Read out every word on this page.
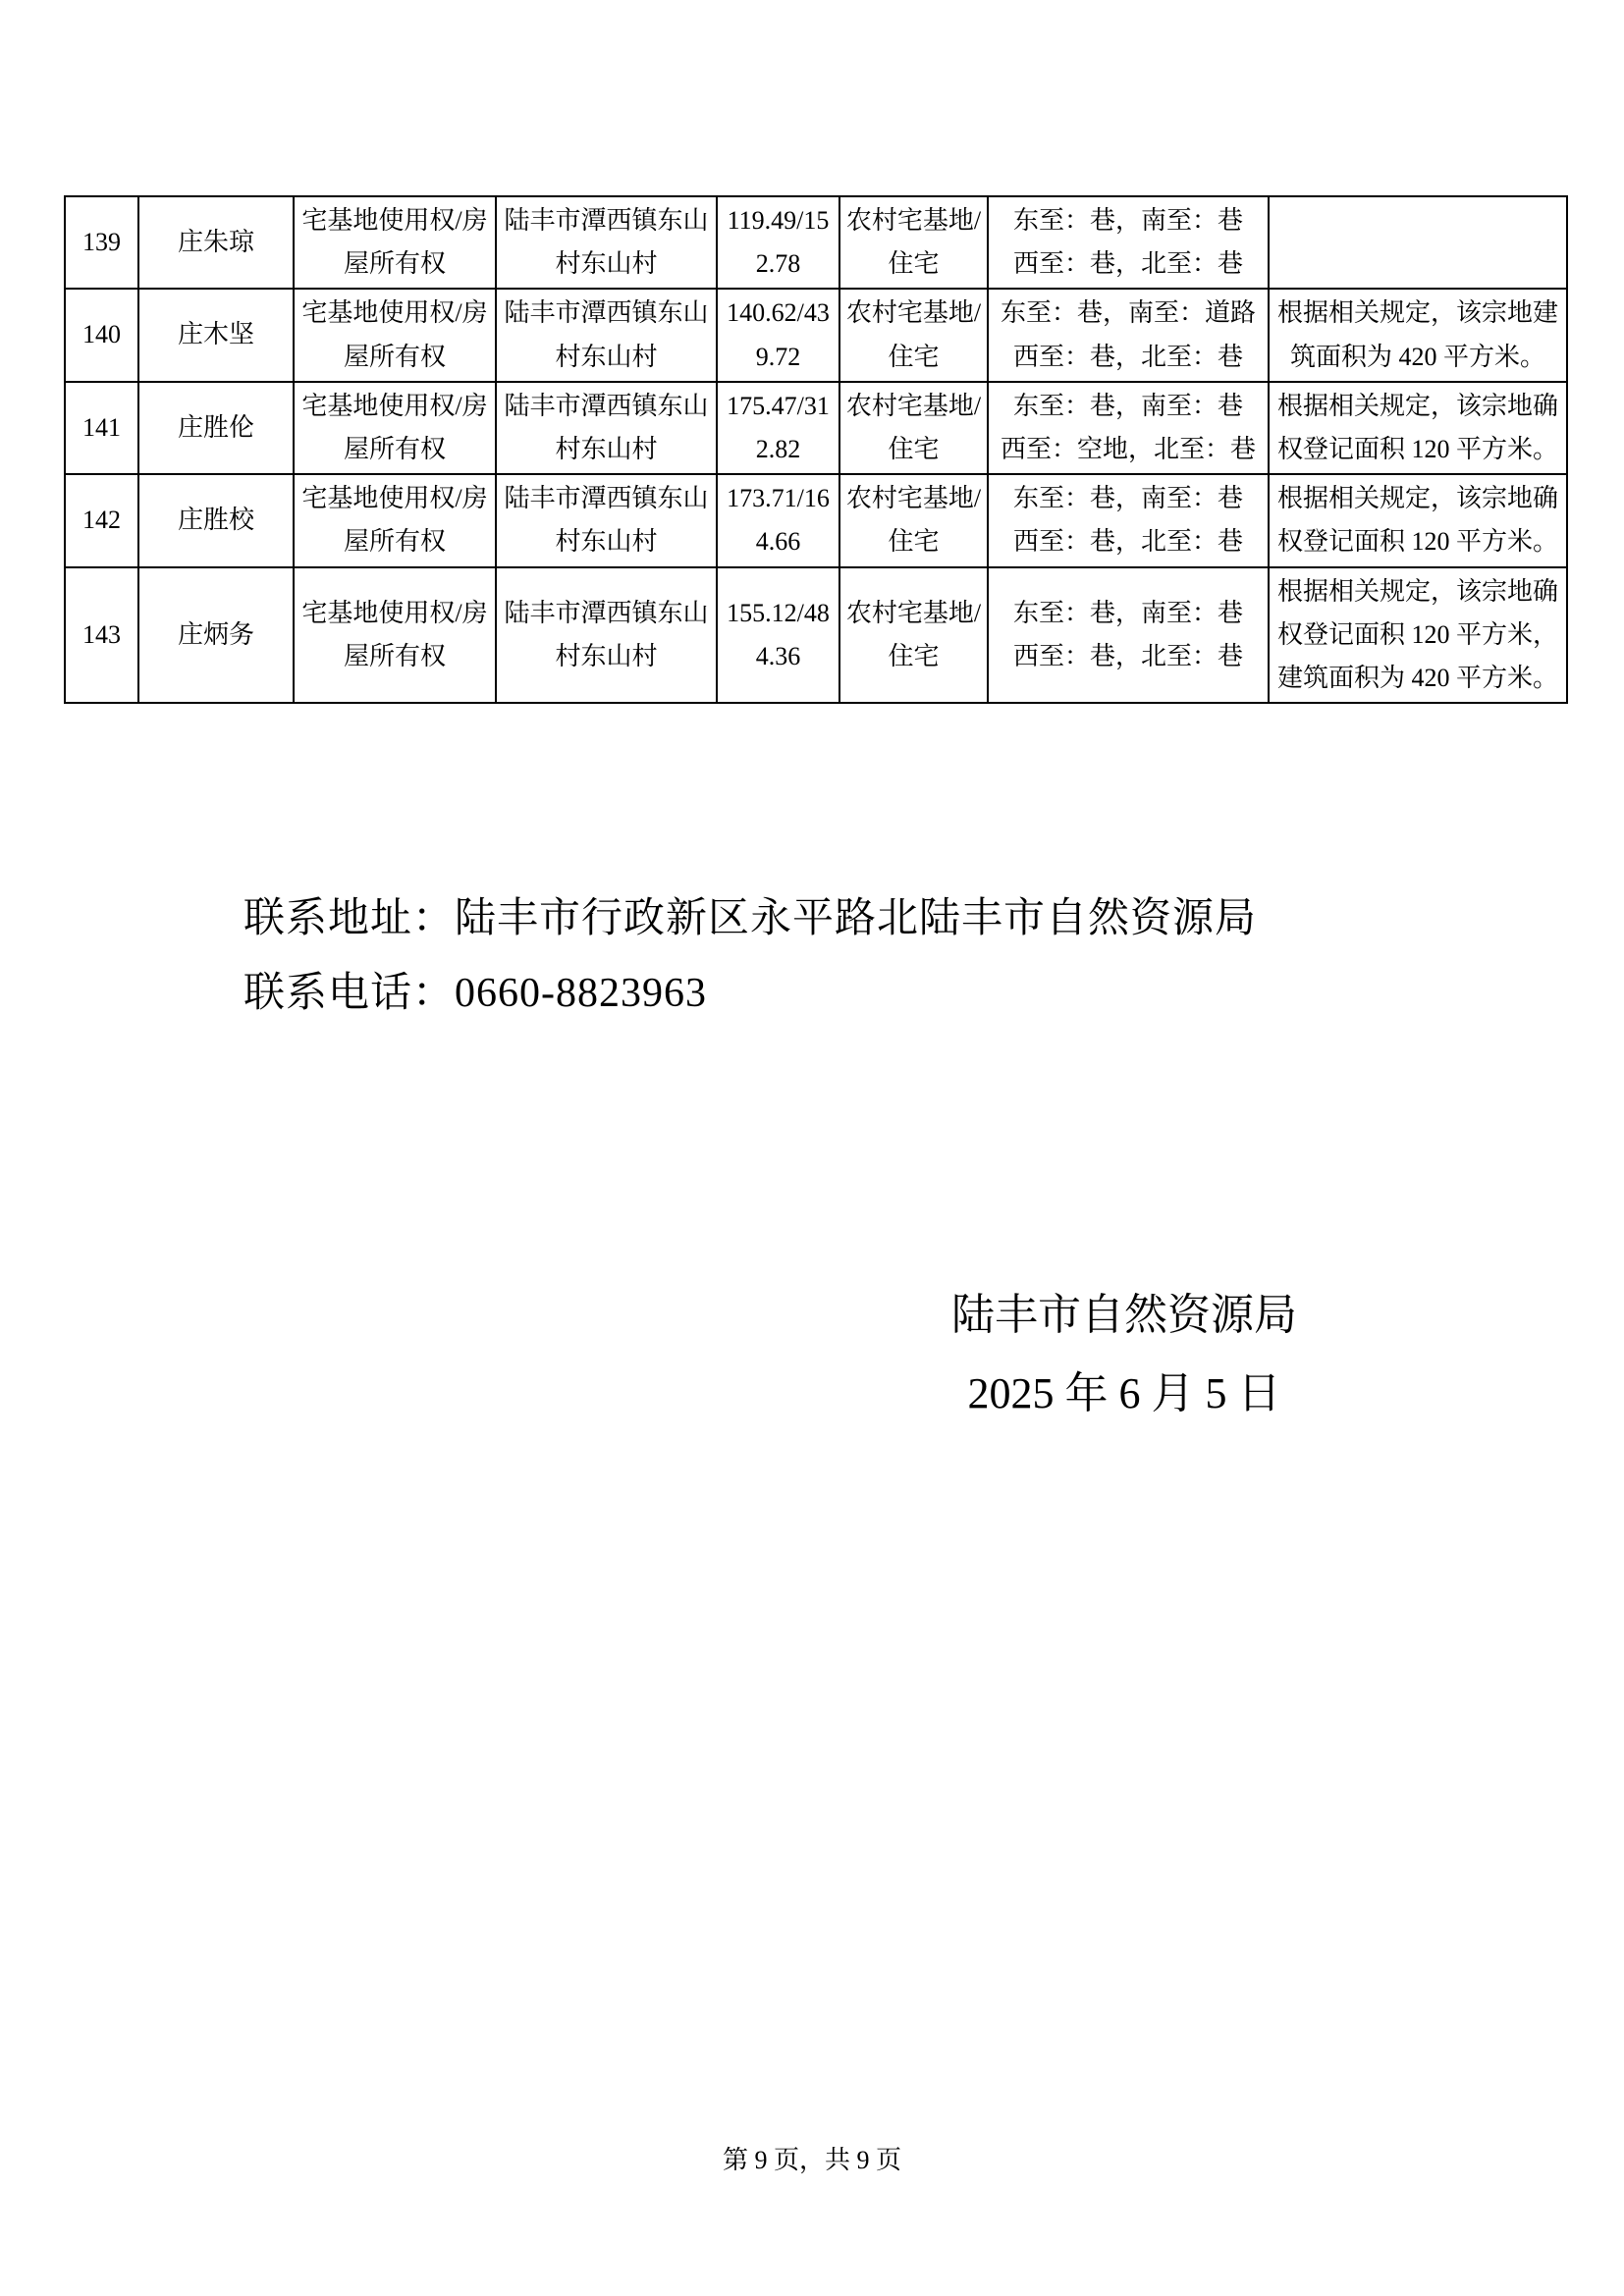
139	庄朱琼	宅基地使用权/房屋所有权	陆丰市潭西镇东山村东山村	119.49/152.78	农村宅基地/住宅	东至：巷，南至：巷
西至：巷，北至：巷	

140	庄木坚	宅基地使用权/房屋所有权	陆丰市潭西镇东山村东山村	140.62/439.72	农村宅基地/住宅	东至：巷，南至：道路
西至：巷，北至：巷	根据相关规定，该宗地建筑面积为 420 平方米。
141	庄胜伦	宅基地使用权/房屋所有权	陆丰市潭西镇东山村东山村	175.47/312.82	农村宅基地/住宅	东至：巷，南至：巷
西至：空地，北至：巷	根据相关规定，该宗地确权登记面积 120 平方米。
142	庄胜校	宅基地使用权/房屋所有权	陆丰市潭西镇东山村东山村	173.71/164.66	农村宅基地/住宅	东至：巷，南至：巷
西至：巷，北至：巷	根据相关规定，该宗地确权登记面积 120 平方米。
143	庄炳务	宅基地使用权/房屋所有权	陆丰市潭西镇东山村东山村	155.12/484.36	农村宅基地/住宅	东至：巷，南至：巷
西至：巷，北至：巷	根据相关规定，该宗地确权登记面积 120 平方米，建筑面积为 420 平方米。
联系地址：陆丰市行政新区永平路北陆丰市自然资源局
联系电话：0660-8823963
陆丰市自然资源局
2025 年 6 月 5 日
第 9 页，共 9 页
